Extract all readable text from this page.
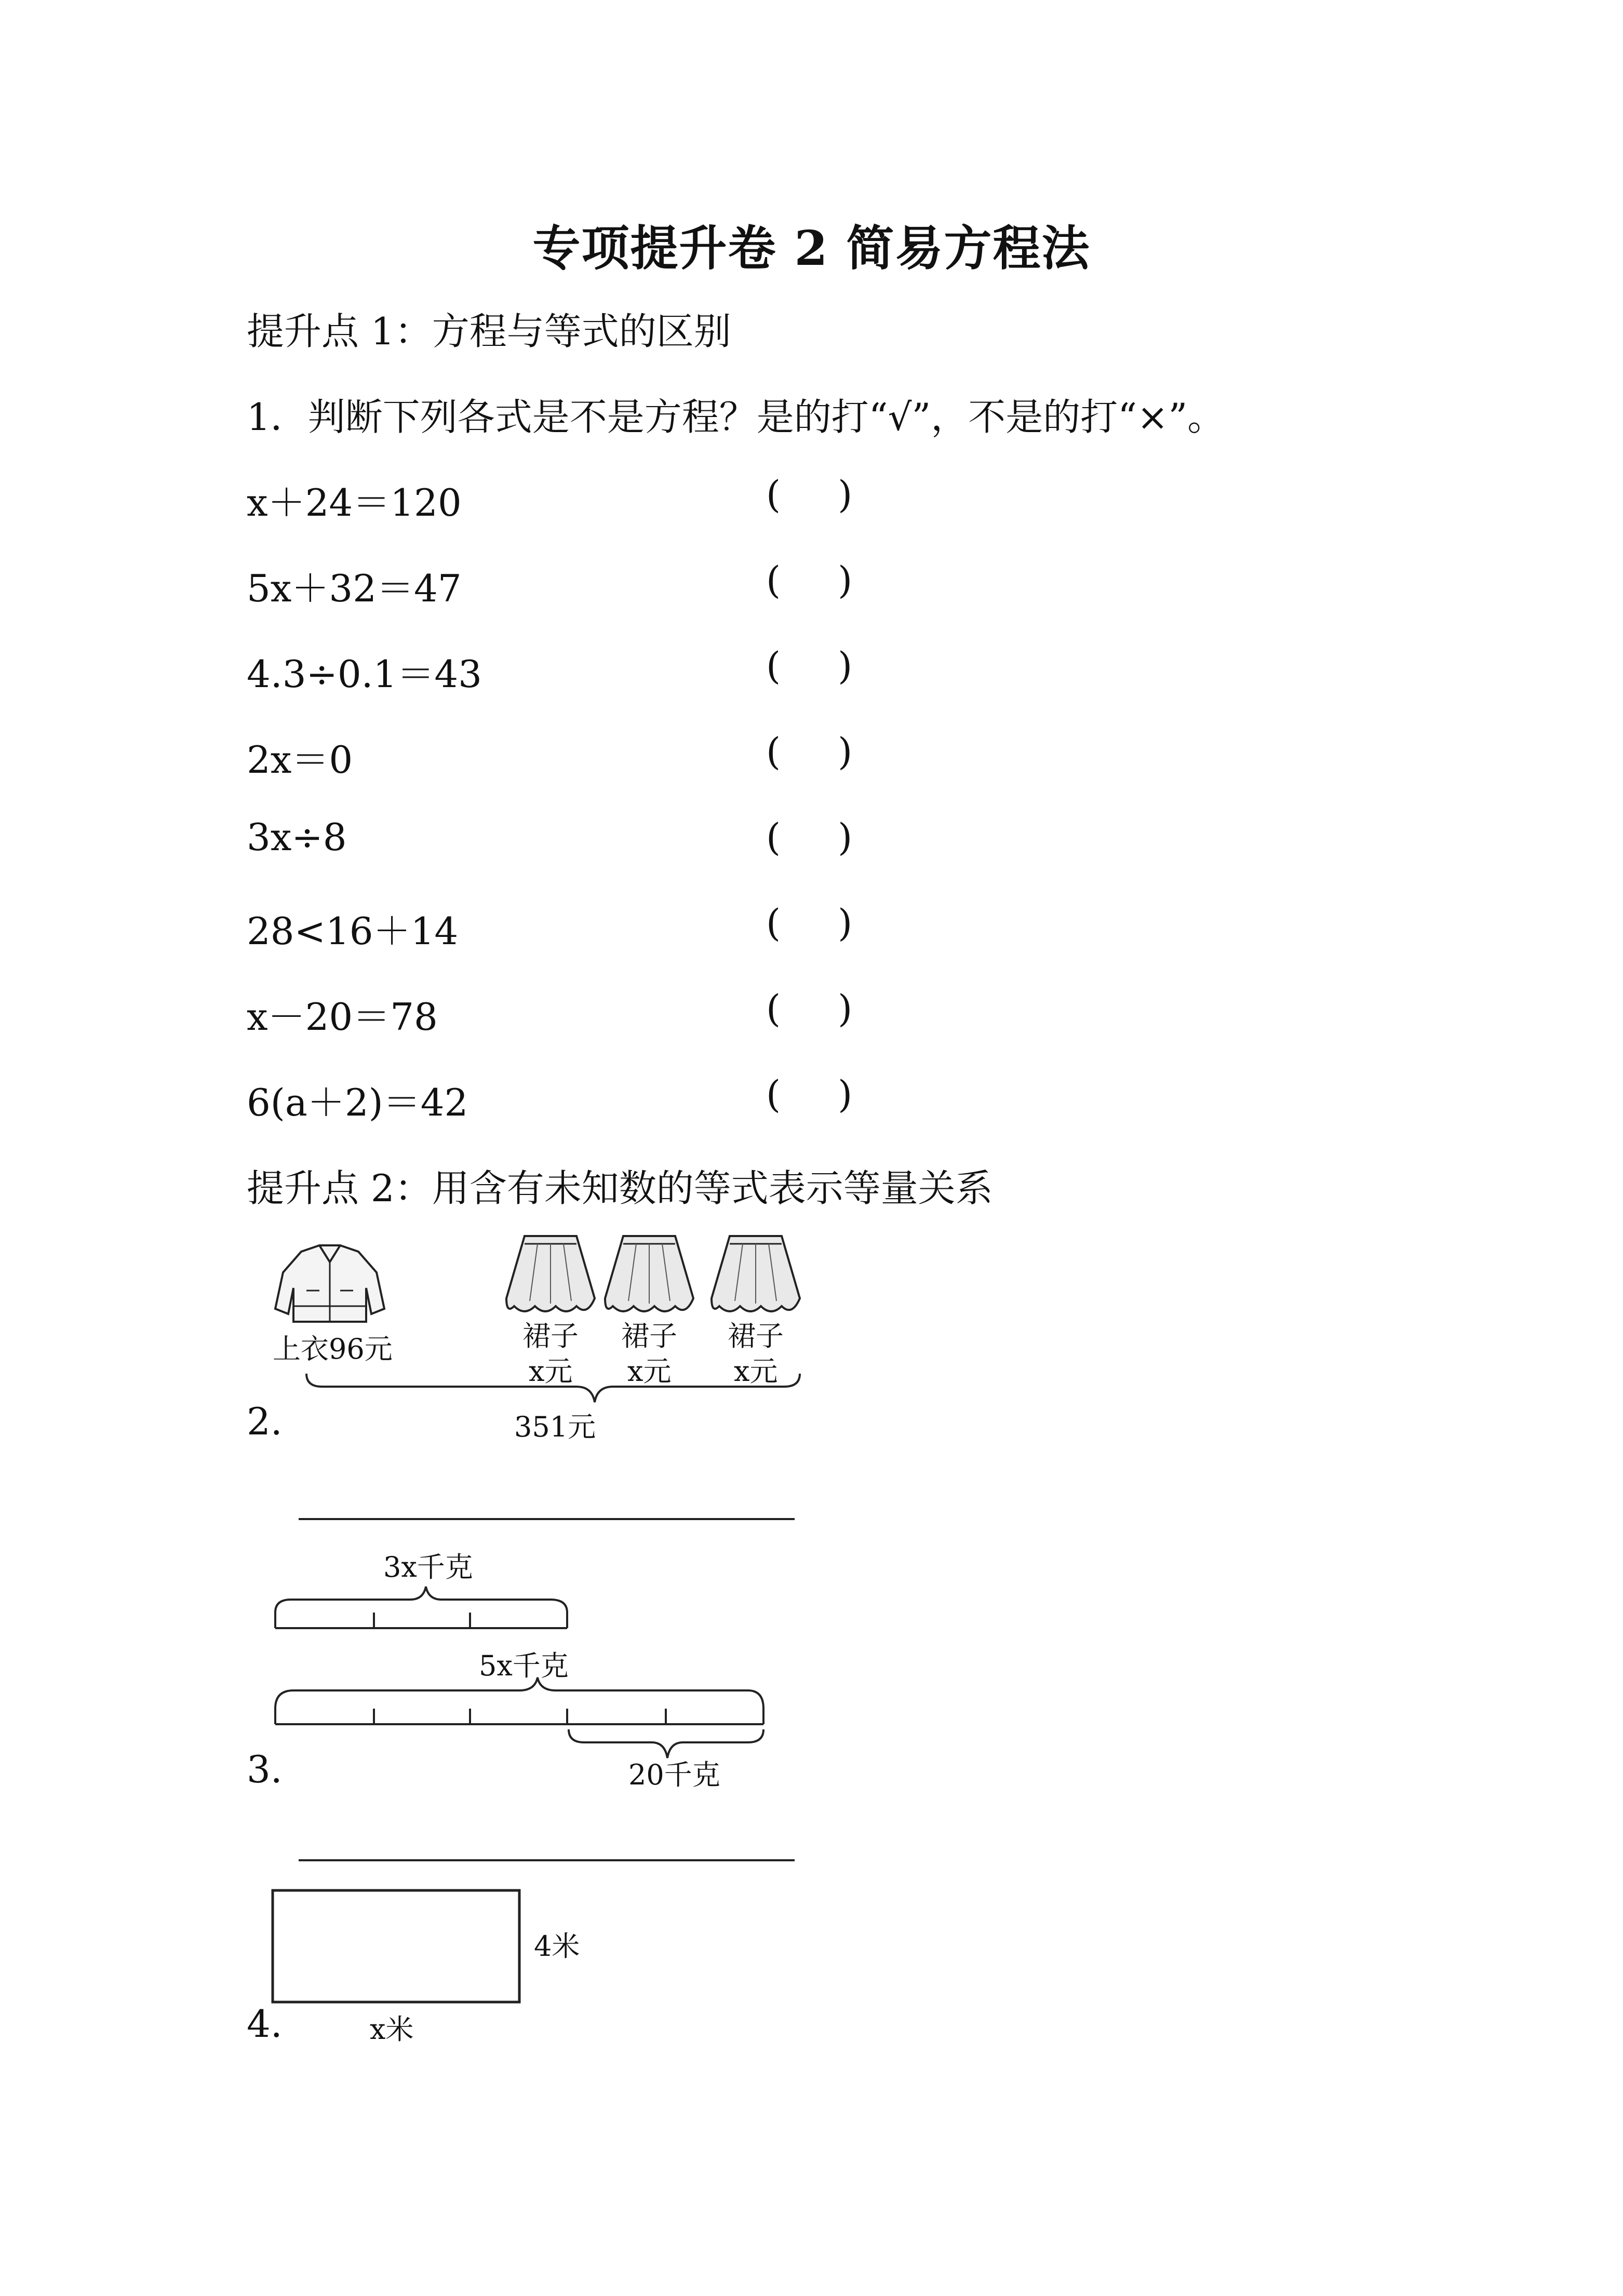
专项提升卷 2 简易方程法
提升点 1：方程与等式的区别
1．判断下列各式是不是方程？是的打“√”，不是的打“×”。
x＋24＝120	( )
5x＋32＝47	( )
4.3÷0.1＝43	( )
2x＝0	( )
3x÷8	( )
28<16＋14	( )
x－20＝78	( )
6(a＋2)＝42	( )
提升点 2：用含有未知数的等式表示等量关系
上衣96元	裙子
x元
裙子
x元
裙子
x元
351元
2.
3x千克
5x千克
20千克
3.
4米
x米
4.
